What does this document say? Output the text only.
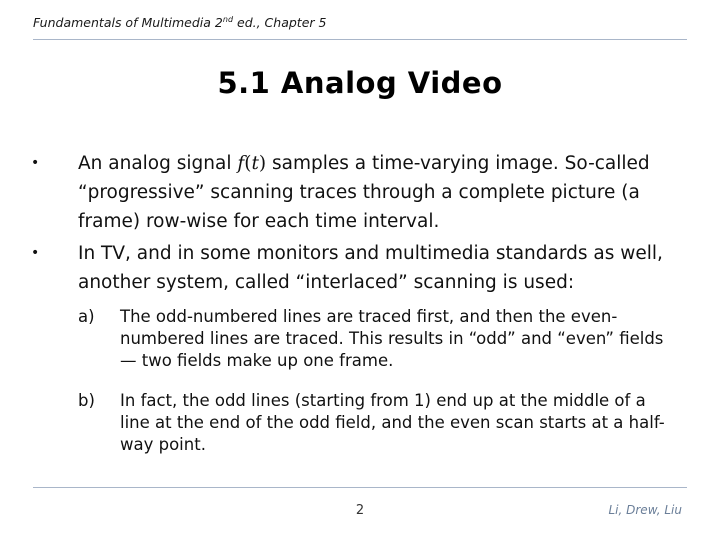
Fundamentals of Multimedia 2nd ed., Chapter 5
5.1 Analog Video
• An analog signal f(t) samples a time-varying image. So-called “progressive” scanning traces through a complete picture (a frame) row-wise for each time interval.
• In TV, and in some monitors and multimedia standards as well, another system, called “interlaced” scanning is used:
a) The odd-numbered lines are traced first, and then the even-numbered lines are traced. This results in “odd” and “even” fields — two fields make up one frame.
b) In fact, the odd lines (starting from 1) end up at the middle of a line at the end of the odd field, and the even scan starts at a half-way point.
2	Li, Drew, Liu
